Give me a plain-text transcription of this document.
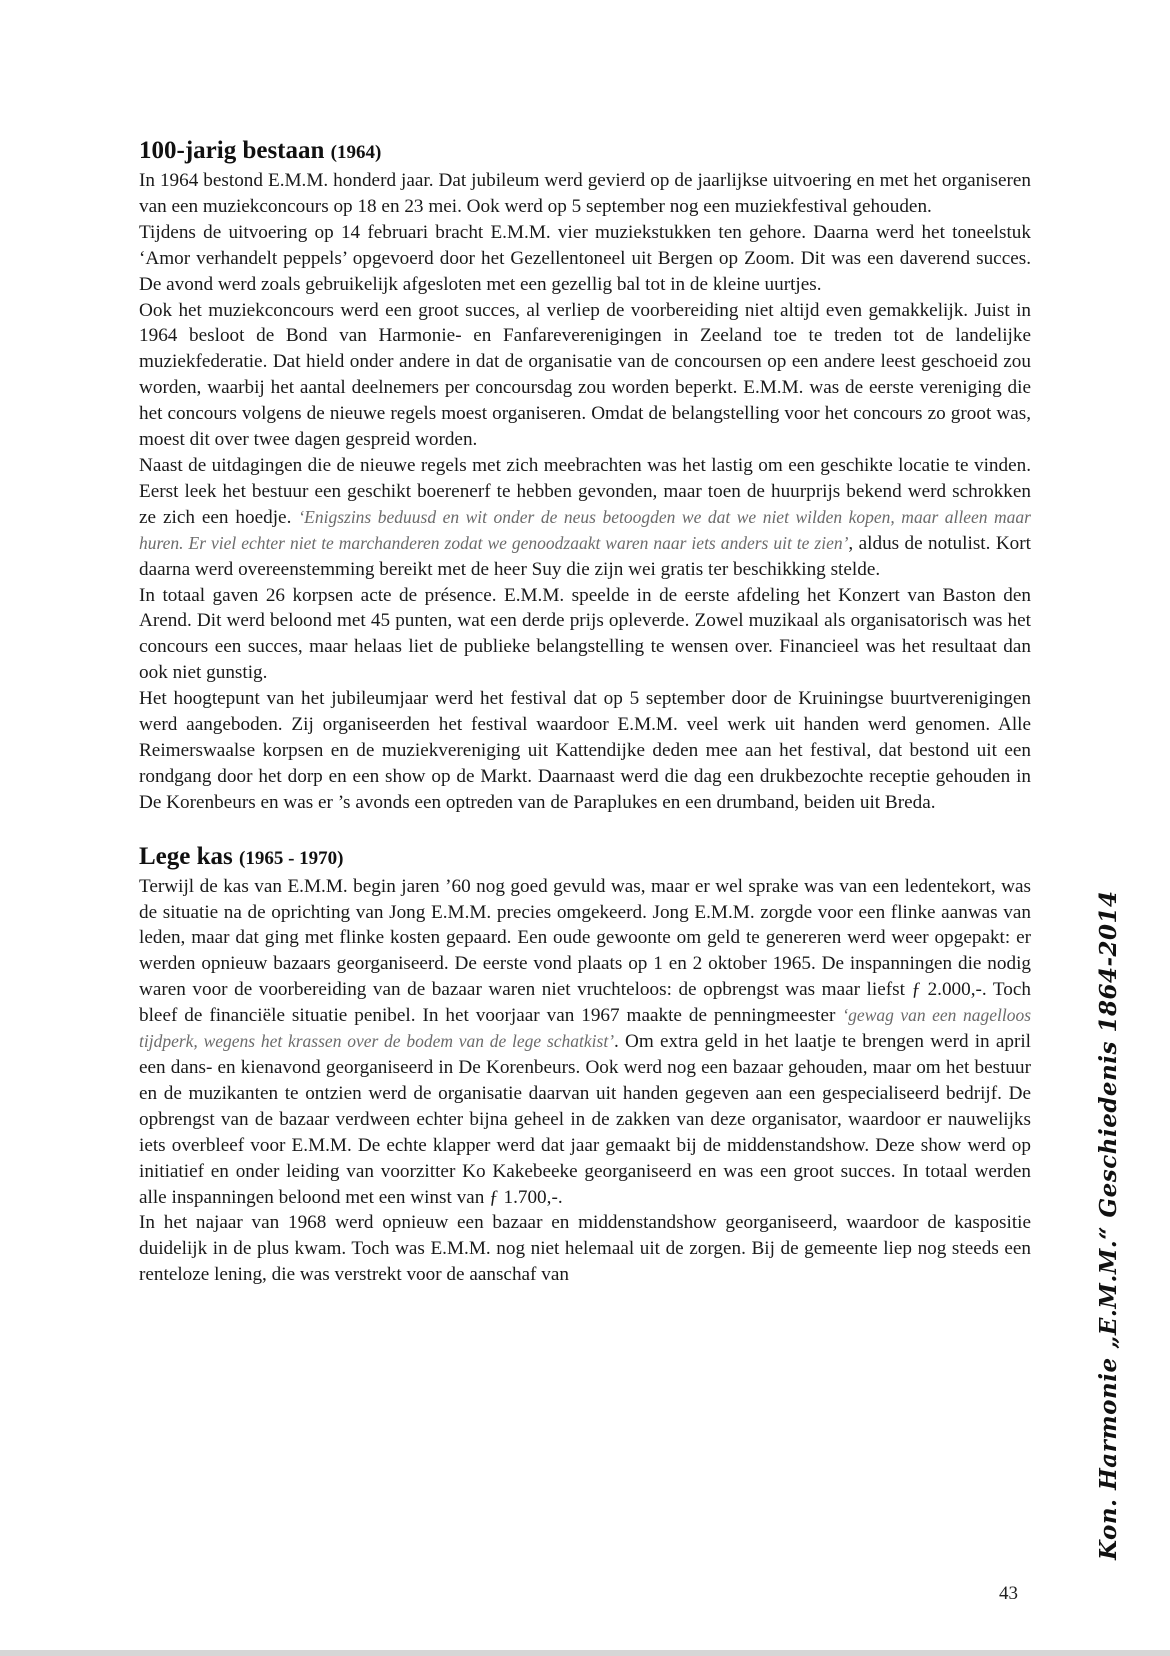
100-jarig bestaan (1964)

In 1964 bestond E.M.M. honderd jaar. Dat jubileum werd gevierd op de jaarlijkse uitvoering en met het organiseren van een muziekconcours op 18 en 23 mei. Ook werd op 5 september nog een muziekfestival gehouden.

Tijdens de uitvoering op 14 februari bracht E.M.M. vier muziekstukken ten gehore. Daarna werd het toneelstuk ‘Amor verhandelt peppels’ opgevoerd door het Gezellentoneel uit Bergen op Zoom. Dit was een daverend succes. De avond werd zoals gebruikelijk afgesloten met een gezellig bal tot in de kleine uurtjes.

Ook het muziekconcours werd een groot succes, al verliep de voorbereiding niet altijd even gemakkelijk. Juist in 1964 besloot de Bond van Harmonie- en Fanfareverenigingen in Zeeland toe te treden tot de landelijke muziekfederatie. Dat hield onder andere in dat de organisatie van de concoursen op een andere leest geschoeid zou worden, waarbij het aantal deelnemers per concoursdag zou worden beperkt. E.M.M. was de eerste vereniging die het concours volgens de nieuwe regels moest organiseren. Omdat de belangstelling voor het concours zo groot was, moest dit over twee dagen gespreid worden.

Naast de uitdagingen die de nieuwe regels met zich meebrachten was het lastig om een geschikte locatie te vinden. Eerst leek het bestuur een geschikt boerenerf te hebben gevonden, maar toen de huurprijs bekend werd schrokken ze zich een hoedje. ‘Enigszins beduusd en wit onder de neus betoogden we dat we niet wilden kopen, maar alleen maar huren. Er viel echter niet te marchanderen zodat we genoodzaakt waren naar iets anders uit te zien’, aldus de notulist. Kort daarna werd overeenstemming bereikt met de heer Suy die zijn wei gratis ter beschikking stelde.

In totaal gaven 26 korpsen acte de présence. E.M.M. speelde in de eerste afdeling het Konzert van Baston den Arend. Dit werd beloond met 45 punten, wat een derde prijs opleverde. Zowel muzikaal als organisatorisch was het concours een succes, maar helaas liet de publieke belangstelling te wensen over. Financieel was het resultaat dan ook niet gunstig.

Het hoogtepunt van het jubileumjaar werd het festival dat op 5 september door de Kruiningse buurtverenigingen werd aangeboden. Zij organiseerden het festival waardoor E.M.M. veel werk uit handen werd genomen. Alle Reimerswaalse korpsen en de muziekvereniging uit Kattendijke deden mee aan het festival, dat bestond uit een rondgang door het dorp en een show op de Markt. Daarnaast werd die dag een drukbezochte receptie gehouden in De Korenbeurs en was er ’s avonds een optreden van de Paraplukes en een drumband, beiden uit Breda.

Lege kas (1965 - 1970)

Terwijl de kas van E.M.M. begin jaren ’60 nog goed gevuld was, maar er wel sprake was van een ledentekort, was de situatie na de oprichting van Jong E.M.M. precies omgekeerd. Jong E.M.M. zorgde voor een flinke aanwas van leden, maar dat ging met flinke kosten gepaard. Een oude gewoonte om geld te genereren werd weer opgepakt: er werden opnieuw bazaars georganiseerd. De eerste vond plaats op 1 en 2 oktober 1965. De inspanningen die nodig waren voor de voorbereiding van de bazaar waren niet vruchteloos: de opbrengst was maar liefst ƒ 2.000,-. Toch bleef de financiële situatie penibel. In het voorjaar van 1967 maakte de penningmeester ‘gewag van een nagelloos tijdperk, wegens het krassen over de bodem van de lege schatkist’. Om extra geld in het laatje te brengen werd in april een dans- en kienavond georganiseerd in De Korenbeurs. Ook werd nog een bazaar gehouden, maar om het bestuur en de muzikanten te ontzien werd de organisatie daarvan uit handen gegeven aan een gespecialiseerd bedrijf. De opbrengst van de bazaar verdween echter bijna geheel in de zakken van deze organisator, waardoor er nauwelijks iets overbleef voor E.M.M. De echte klapper werd dat jaar gemaakt bij de middenstandshow. Deze show werd op initiatief en onder leiding van voorzitter Ko Kakebeeke georganiseerd en was een groot succes. In totaal werden alle inspanningen beloond met een winst van ƒ 1.700,-.

In het najaar van 1968 werd opnieuw een bazaar en middenstandshow georganiseerd, waardoor de kaspositie duidelijk in de plus kwam. Toch was E.M.M. nog niet helemaal uit de zorgen. Bij de gemeente liep nog steeds een renteloze lening, die was verstrekt voor de aanschaf van	Kon. Harmonie „E.M.M.“ Geschiedenis 1864-2014
43
